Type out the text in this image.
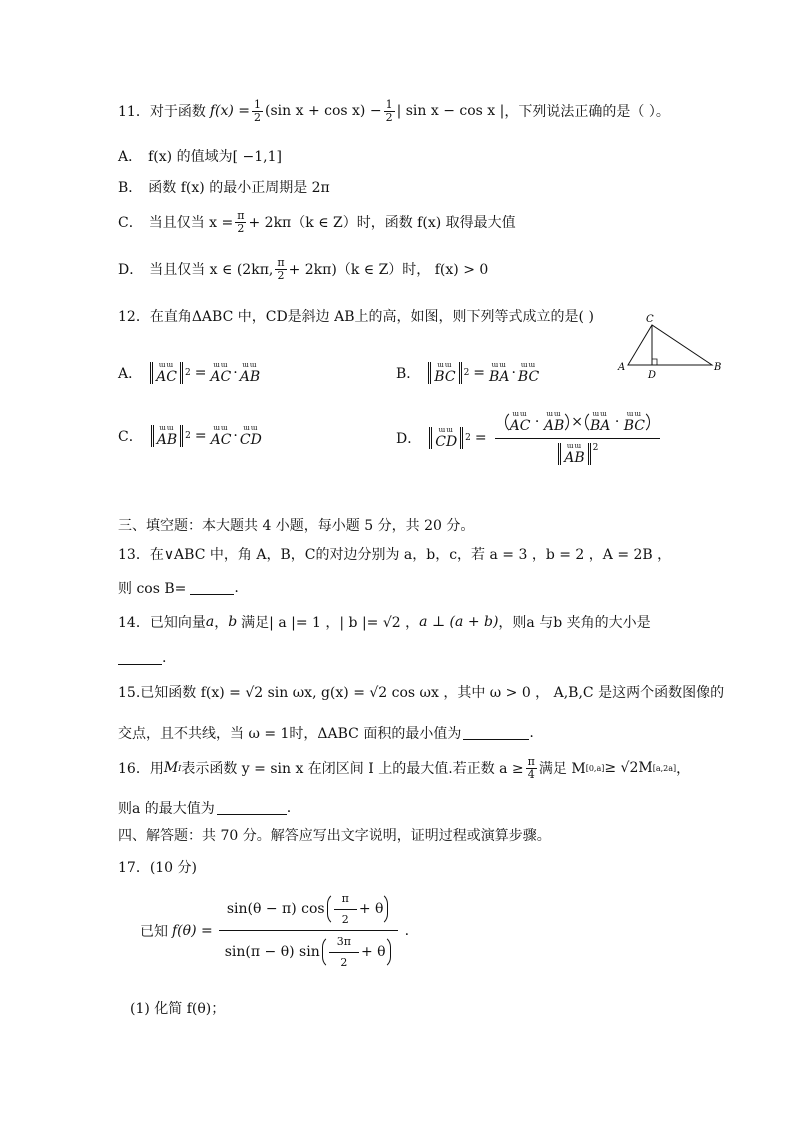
11．对于函数 $f(x) = \frac{1}{2} (\sin$ $x + \cos x) - \frac{1}{2}$ | sin x − cos x | ，下列说法正确的是（ ）。
A． f(x) 的值域为[ −1,1]
B． 函数 f(x) 的最小正周期是 2π
C． 当且仅当 $x = \frac{\pi}{2} + 2k\pi(k$ ∈ Z）时，函数 f(x) 取得最大值
D． 当且仅当 x ∈ (2kπ, $\frac{\pi}{2} + 2k\pi)(k$ ∈ Z）时， f(x) > 0
12．在直角ΔABC 中，CD是斜边 AB上的高，如图，则下列等式成立的是( )	C
A
D
B
A．
ɯɯ
AC 2 = ɯɯ
AC · ɯɯ
AB	B．
ɯɯ
BC 2 = ɯɯ
BA · ɯɯ
BC
C．
ɯɯ
AB 2 = ɯɯ
AC · ɯɯ
CD	D．
ɯɯ
CD 2 =
ɯɯ
AC · ɯɯ
AB × ɯɯ
BA · ɯɯ
BC
ɯɯ
AB
$^2$
三、填空题：本大题共 4 小题，每小题 5 分，共 20 分。
13．在∨ABC 中，角 A，B，C的对边分别为 a，b，c，若 a = 3 ，b = 2 ，A = 2B ，
则 cos B=	.
14．已知向量 a ， b 满足 | a |= 1 ，| b |= √2 ， a ⊥ (a + b) ，则a 与b 夹角的大小是
.
15.已知函数 f(x) = √2 sin ωx, g(x) = √2 cos ωx ，其中 ω > 0 ， A,B,C 是这两个函数图像的
交点，且不共线，当 ω = 1时，ΔABC 面积的最小值为	.
16．用 M I 表示函数 y = sin x 在闭区间 I 上的最大值.若正数 $a \ge \frac{\pi}{4}$ 满足 M [0,a] ≥ √2M [a,2a] ，
则a 的最大值为	.
四、解答题：共 70 分。解答应写出文字说明，证明过程或演算步骤。
17．(10 分)
已知 $f(\theta) = \frac{\sin(\theta - \pi) \cos \frac{\pi}{2} + \theta}{\sin(\pi - \theta) \sin \frac{3\pi}{2} + \theta}$ .
(1) 化简 f(θ)；
